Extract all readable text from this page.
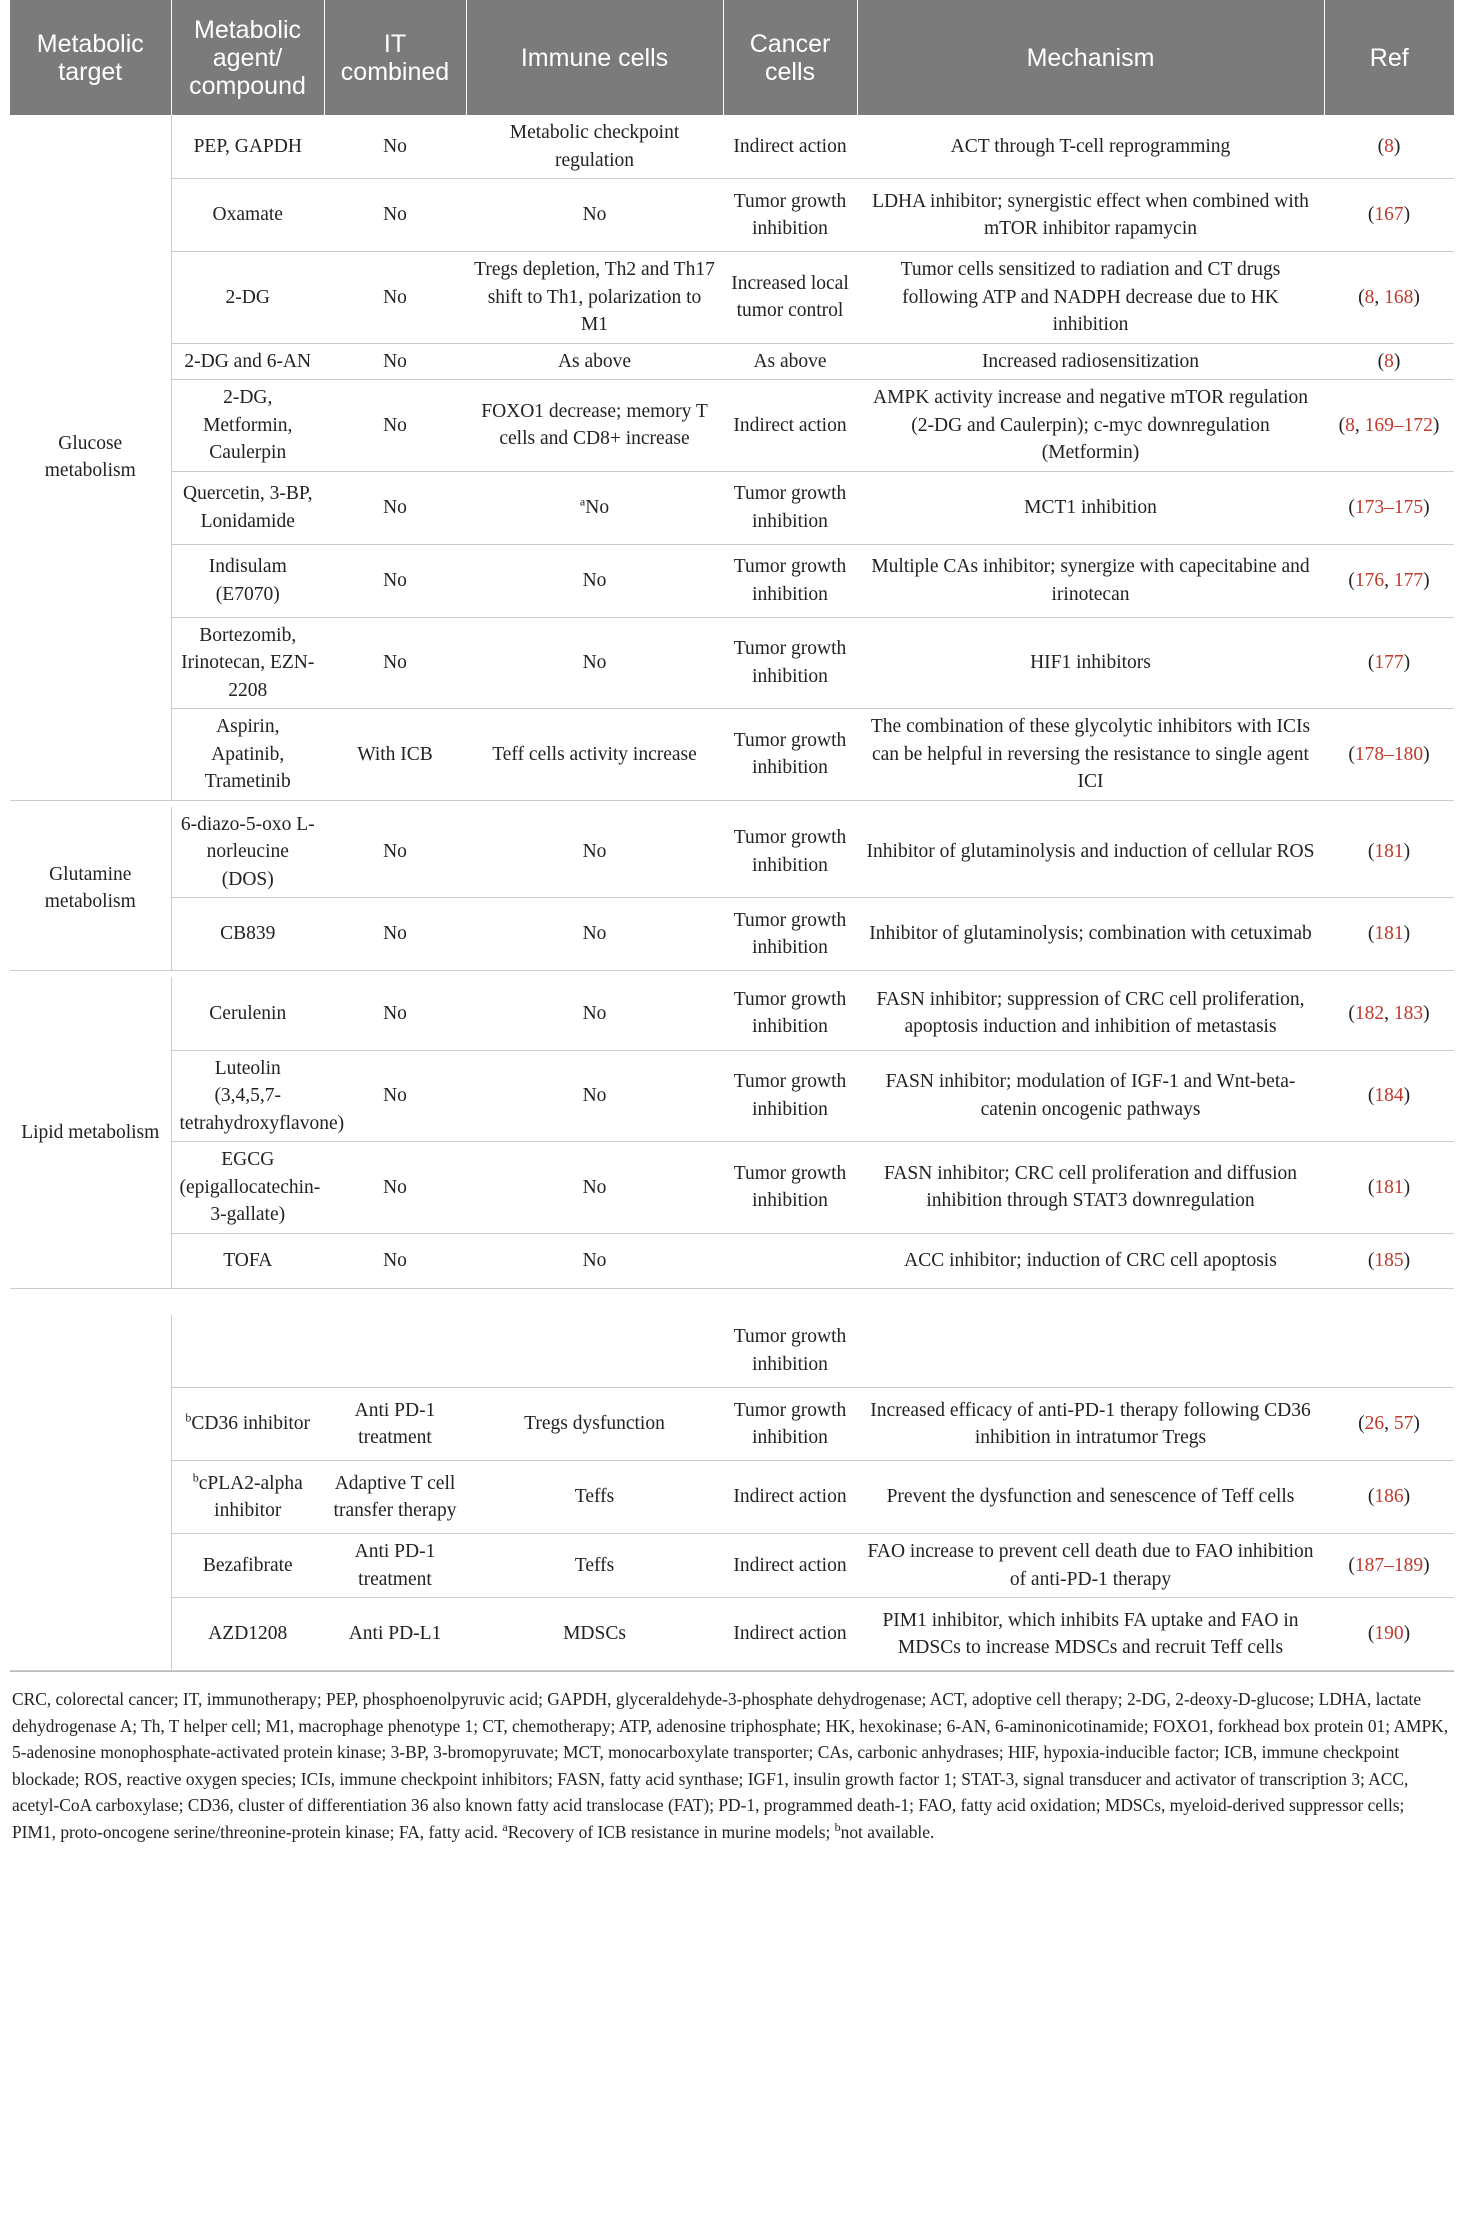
Metabolic target	Metabolic agent/ compound	IT combined	Immune cells	Cancer cells	Mechanism	Ref
Glucose metabolism	PEP, GAPDH	No	Metabolic checkpoint regulation	Indirect action	ACT through T-cell reprogramming	(8)
	Oxamate	No	No	Tumor growth inhibition	LDHA inhibitor; synergistic effect when combined with mTOR inhibitor rapamycin	(167)
	2-DG	No	Tregs depletion, Th2 and Th17 shift to Th1, polarization to M1	Increased local tumor control	Tumor cells sensitized to radiation and CT drugs following ATP and NADPH decrease due to HK inhibition	(8, 168)
	2-DG and 6-AN	No	As above	As above	Increased radiosensitization	(8)
	2-DG, Metformin, Caulerpin	No	FOXO1 decrease; memory T cells and CD8+ increase	Indirect action	AMPK activity increase and negative mTOR regulation (2-DG and Caulerpin); c-myc downregulation (Metformin)	(8, 169–172)
	Quercetin, 3-BP, Lonidamide	No	$^a$No	Tumor growth inhibition	MCT1 inhibition	(173–175)
	Indisulam (E7070)	No	No	Tumor growth inhibition	Multiple CAs inhibitor; synergize with capecitabine and irinotecan	(176, 177)
	Bortezomib, Irinotecan, EZN-2208	No	No	Tumor growth inhibition	HIF1 inhibitors	(177)
	Aspirin, Apatinib, Trametinib	With ICB	Teff cells activity increase	Tumor growth inhibition	The combination of these glycolytic inhibitors with ICIs can be helpful in reversing the resistance to single agent ICI	(178–180)

Glutamine metabolism	6-diazo-5-oxo L-norleucine (DOS)	No	No	Tumor growth inhibition	Inhibitor of glutaminolysis and induction of cellular ROS	(181)
	CB839	No	No	Tumor growth inhibition	Inhibitor of glutaminolysis; combination with cetuximab	(181)

Lipid metabolism	Cerulenin	No	No	Tumor growth inhibition	FASN inhibitor; suppression of CRC cell proliferation, apoptosis induction and inhibition of metastasis	(182, 183)
	Luteolin (3,4,5,7-tetrahydroxyflavone)	No	No	Tumor growth inhibition	FASN inhibitor; modulation of IGF-1 and Wnt-beta-catenin oncogenic pathways	(184)
	EGCG (epigallocatechin-3-gallate)	No	No	Tumor growth inhibition	FASN inhibitor; CRC cell proliferation and diffusion inhibition through STAT3 downregulation	(181)
	TOFA	No	No		ACC inhibitor; induction of CRC cell apoptosis	(185)

				Tumor growth inhibition		
	$^b$CD36 inhibitor	Anti PD-1 treatment	Tregs dysfunction	Tumor growth inhibition	Increased efficacy of anti-PD-1 therapy following CD36 inhibition in intratumor Tregs	(26, 57)
	$^b$cPLA2-alpha inhibitor	Adaptive T cell transfer therapy	Teffs	Indirect action	Prevent the dysfunction and senescence of Teff cells	(186)
	Bezafibrate	Anti PD-1 treatment	Teffs	Indirect action	FAO increase to prevent cell death due to FAO inhibition of anti-PD-1 therapy	(187–189)
	AZD1208	Anti PD-L1	MDSCs	Indirect action	PIM1 inhibitor, which inhibits FA uptake and FAO in MDSCs to increase MDSCs and recruit Teff cells	(190)
CRC, colorectal cancer; IT, immunotherapy; PEP, phosphoenolpyruvic acid; GAPDH, glyceraldehyde-3-phosphate dehydrogenase; ACT, adoptive cell therapy; 2-DG, 2-deoxy-D-glucose; LDHA, lactate dehydrogenase A; Th, T helper cell; M1, macrophage phenotype 1; CT, chemotherapy; ATP, adenosine triphosphate; HK, hexokinase; 6-AN, 6-aminonicotinamide; FOXO1, forkhead box protein 01; AMPK, 5-adenosine monophosphate-activated protein kinase; 3-BP, 3-bromopyruvate; MCT, monocarboxylate transporter; CAs, carbonic anhydrases; HIF, hypoxia-inducible factor; ICB, immune checkpoint blockade; ROS, reactive oxygen species; ICIs, immune checkpoint inhibitors; FASN, fatty acid synthase; IGF1, insulin growth factor 1; STAT-3, signal transducer and activator of transcription 3; ACC, acetyl-CoA carboxylase; CD36, cluster of differentiation 36 also known fatty acid translocase (FAT); PD-1, programmed death-1; FAO, fatty acid oxidation; MDSCs, myeloid-derived suppressor cells; PIM1, proto-oncogene serine/threonine-protein kinase; FA, fatty acid. $^a$Recovery of ICB resistance in murine models; $^b$not available.
